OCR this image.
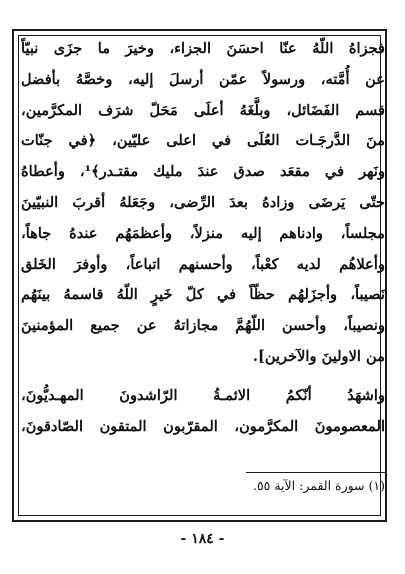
فجزاهُ اللّهُ عنّا احسَنَ الجزاء، وخيرَ ما جزَى نبيّاً
عن أُمَّته، ورسولاً عمّن أرسلَ إليه، وخصَّهُ بأفضل
قسم الفَضَائل، وبلَّغَهُ أعلَى مَحَلّ شرَف المكرَّمين،
منَ الدَّرجَـات العُلَى في اعلى عليّين، ﴿في جنّات
ونَهر في مقعَد صدق عندَ مليك مقتـدر﴾¹، وأعطاهُ
حتّى يَرضَى وزادهُ بعدَ الرِّضى، وجَعَلهُ أقربَ النبيّينَ
مجلساً، وادناهم إليه منزلاً، وأعظمَهُم عندهُ جاهاً،
وأعلاهُم لديه كعْباً، وأحسنهم اتباعاً، وأوفرَ الخَلق
نَصيباً، وأجزَلهُم حظّاً في كلّ خَيرٍ اللّهُ قاسمهُ بينَهُم
ونصيباً، وأحسن اللّهُمَّ مجازاتهُ عن جميع المؤمنينَ
من الاولينَ والآخرين].
واشهَدُ أنّكمُ الائمـةُ الرّاشدونَ المهـديُّونَ،
المعصومونَ المكرَّمون، المقرّبون المتقون الصّادقونَ،
(١) سورة القمر: الآية ٥٥.
- ١٨٤ -
